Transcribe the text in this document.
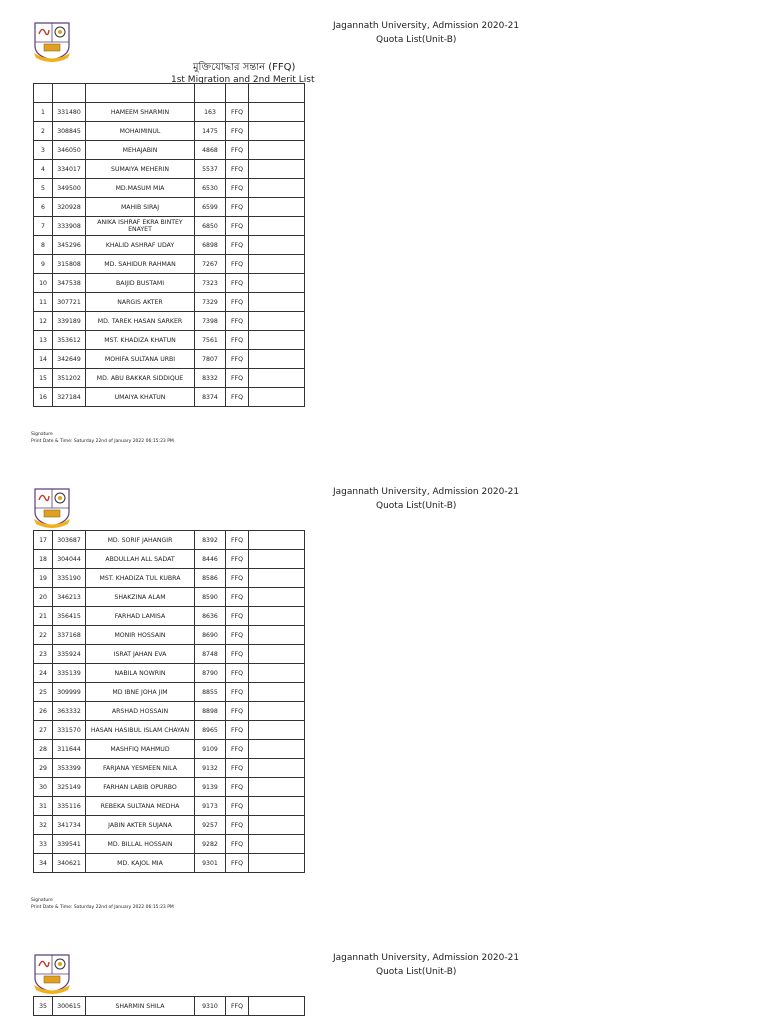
Jagannath University, Admission 2020-21
Quota List(Unit-B)
মুক্তিযোদ্ধার সন্তান (FFQ)
1st Migration and 2nd Merit List

1	331480	HAMEEM SHARMIN	163	FFQ	
2	308845	MOHAIMINUL	1475	FFQ	
3	346050	MEHAJABIN	4868	FFQ	
4	334017	SUMAIYA MEHERIN	5537	FFQ	
5	349500	MD.MASUM MIA	6530	FFQ	
6	320928	MAHIB SIRAJ	6599	FFQ	
7	333908	ANIKA ISHRAF EKRA BINTEY ENAYET	6850	FFQ	
8	345296	KHALID ASHRAF UDAY	6898	FFQ	
9	315808	MD. SAHIDUR RAHMAN	7267	FFQ	
10	347538	BAIJID BUSTAMI	7323	FFQ	
11	307721	NARGIS AKTER	7329	FFQ	
12	339189	MD. TAREK HASAN SARKER	7398	FFQ	
13	353612	MST. KHADIZA KHATUN	7561	FFQ	
14	342649	MOHIFA SULTANA URBI	7807	FFQ	
15	351202	MD. ABU BAKKAR SIDDIQUE	8332	FFQ	
16	327184	UMAIYA KHATUN	8374	FFQ	
Signature
Print Date & Time: Saturday 22nd of January 2022 06:15:23 PM
Jagannath University, Admission 2020-21
Quota List(Unit-B)
17	303687	MD. SORIF JAHANGIR	8392	FFQ	
18	304044	ABDULLAH ALL SADAT	8446	FFQ	
19	335190	MST. KHADIZA TUL KUBRA	8586	FFQ	
20	346213	SHAKZINA ALAM	8590	FFQ	
21	356415	FARHAD LAMISA	8636	FFQ	
22	337168	MONIR HOSSAIN	8690	FFQ	
23	335924	ISRAT JAHAN EVA	8748	FFQ	
24	335139	NABILA NOWRIN	8790	FFQ	
25	309999	MD IBNE JOHA JIM	8855	FFQ	
26	363332	ARSHAD HOSSAIN	8898	FFQ	
27	331570	HASAN HASIBUL ISLAM CHAYAN	8965	FFQ	
28	311644	MASHFIQ MAHMUD	9109	FFQ	
29	353399	FARJANA YESMEEN NILA	9132	FFQ	
30	325149	FARHAN LABIB OPURBO	9139	FFQ	
31	335116	REBEKA SULTANA MEDHA	9173	FFQ	
32	341734	JABIN AKTER SUJANA	9257	FFQ	
33	339541	MD. BILLAL HOSSAIN	9282	FFQ	
34	340621	MD. KAJOL MIA	9301	FFQ	
Signature
Print Date & Time: Saturday 22nd of January 2022 06:15:23 PM
Jagannath University, Admission 2020-21
Quota List(Unit-B)
35	300615	SHARMIN SHILA	9310	FFQ	
